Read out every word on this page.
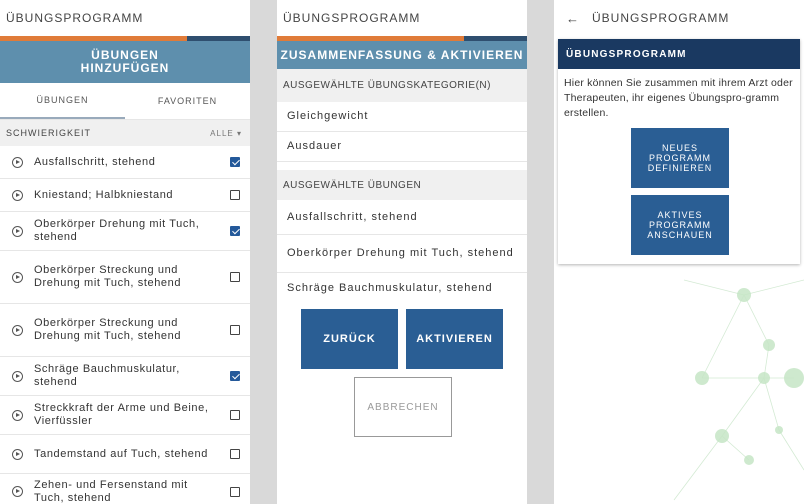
ÜBUNGSPROGRAMM
ÜBUNGEN
HINZUFÜGEN
ÜBUNGEN	FAVORITEN
SCHWIERIGKEIT	ALLE ▾
Ausfallschritt, stehend
Kniestand; Halbkniestand
Oberkörper Drehung mit Tuch, stehend
Oberkörper Streckung und Drehung mit Tuch, stehend
Oberkörper Streckung und Drehung mit Tuch, stehend
Schräge Bauchmuskulatur, stehend
Streckkraft der Arme und Beine, Vierfüssler
Tandemstand auf Tuch, stehend
Zehen- und Fersenstand mit Tuch, stehend
ÜBUNGSPROGRAMM
ZUSAMMENFASSUNG & AKTIVIEREN
AUSGEWÄHLTE ÜBUNGSKATEGORIE(N)
Gleichgewicht
Ausdauer
AUSGEWÄHLTE ÜBUNGEN
Ausfallschritt, stehend
Oberkörper Drehung mit Tuch, stehend
Schräge Bauchmuskulatur, stehend
ZURÜCK	AKTIVIEREN
ABBRECHEN
← ÜBUNGSPROGRAMM
ÜBUNGSPROGRAMM
Hier können Sie zusammen mit ihrem Arzt oder Therapeuten, ihr eigenes Übungspro-gramm erstellen.
NEUES PROGRAMM DEFINIEREN
AKTIVES PROGRAMM ANSCHAUEN
